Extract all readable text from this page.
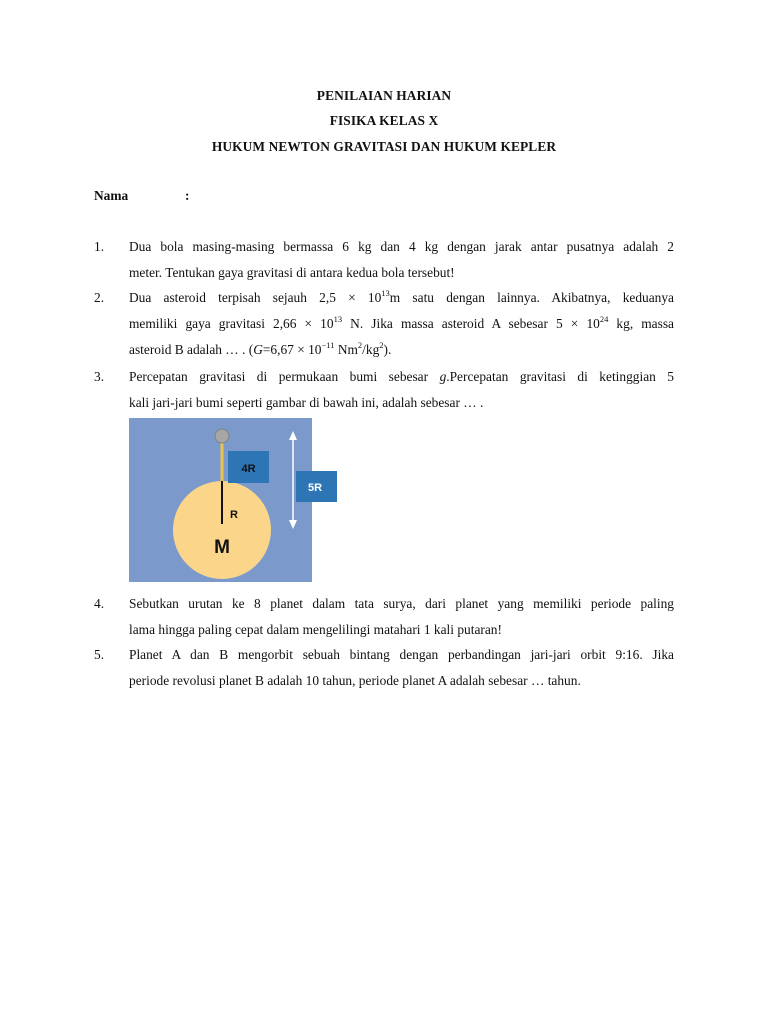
PENILAIAN HARIAN
FISIKA KELAS X
HUKUM NEWTON GRAVITASI DAN HUKUM KEPLER
Nama	:
1. Dua bola masing-masing bermassa 6 kg dan 4 kg dengan jarak antar pusatnya adalah 2
meter. Tentukan gaya gravitasi di antara kedua bola tersebut!
2. Dua asteroid terpisah sejauh $2,5 \times 10^{13}m$ satu dengan lainnya. Akibatnya, keduanya
memiliki gaya gravitasi $2,66 \times 10^{13}$ N. Jika massa asteroid A sebesar $5 \times 10^{24}$ kg, massa
asteroid B adalah … . ($G=6,67 \times 10^{-11}$ $Nm^2/kg^2$).
3. Percepatan gravitasi di permukaan bumi sebesar g.Percepatan gravitasi di ketinggian 5
kali jari-jari bumi seperti gambar di bawah ini, adalah sebesar … .
4R
5R
R
M
4. Sebutkan urutan ke 8 planet dalam tata surya, dari planet yang memiliki periode paling
lama hingga paling cepat dalam mengelilingi matahari 1 kali putaran!
5. Planet A dan B mengorbit sebuah bintang dengan perbandingan jari-jari orbit 9:16. Jika
periode revolusi planet B adalah 10 tahun, periode planet A adalah sebesar … tahun.
